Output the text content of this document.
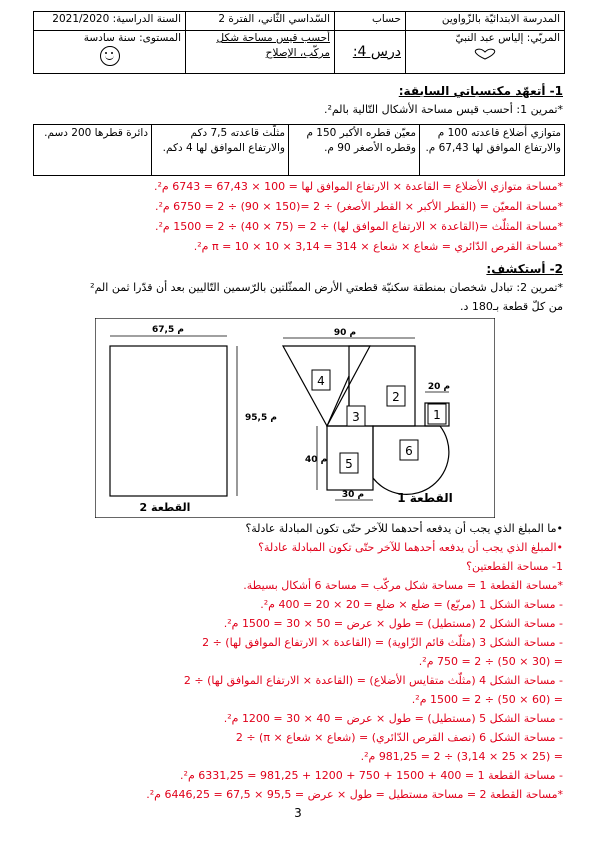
المدرسة الابتدائيّة بالزّواوين	حساب	السّداسي الثّاني، الفترة 2	السنة الدراسية: 2021/2020

المربّي: إلياس عبد النبيّ	درس 4:	أحسب قيس مساحة شكل
مركّب، الإصلاح	المستوى: سنة سادسة
1- أتعهّد مكتسباتي السابقة:
*تمرين 1: أحسب قيس مساحة الأشكال التّالية بالم².
متوازي أضلاع قاعدته 100 م والارتفاع الموافق لها 67,43 م.	معيّن قطره الأكبر 150 م وقطره الأصغر 90 م.	مثلّث قاعدته 7,5 دكم والارتفاع الموافق لها 4 دكم.	دائرة قطرها 200 دسم.
*مساحة متوازي الأضلاع = القاعدة × الارتفاع الموافق لها = 100 × 67,43 = 6743 م².
*مساحة المعيّن = (القطر الأكبر × القطر الأصغر) ÷ 2 =(150 × 90) ÷ 2 = 6750 م².
*مساحة المثلّث =(القاعدة × الارتفاع الموافق لها) ÷ 2 = (75 × 40) ÷ 2 = 1500 م².
*مساحة القرص الدّائري = شعاع × شعاع × π = 10 × 10 × 3,14 = 314 م².
2- أستكشف:
*تمرين 2: تبادل شخصان بمنطقة سكنيّة قطعتي الأرض الممثّلتين بالرّسمين التّاليين بعد أن قدّرا ثمن الم²
من كلّ قطعة بـ180 د.
67,5 م
95,5 م
القطعة 2
90 م
40 م
30 م
20 م
القطعة 1
4
2
3	1
5
6
•ما المبلغ الذي يجب أن يدفعه أحدهما للآخر حتّى تكون المبادلة عادلة؟
•المبلغ الذي يجب أن يدفعه أحدهما للآخر حتّى تكون المبادلة عادلة؟
1- مساحة القطعتين؟
*مساحة القطعة 1 = مساحة شكل مركّب = مساحة 6 أشكال بسيطة.
- مساحة الشكل 1 (مربّع) = ضلع × ضلع = 20 × 20 = 400 م².
- مساحة الشكل 2 (مستطيل) = طول × عرض = 50 × 30 = 1500 م².
- مساحة الشكل 3 (مثلّث قائم الزّاوية) = (القاعدة × الارتفاع الموافق لها) ÷ 2
= (30 × 50) ÷ 2 = 750 م².
- مساحة الشكل 4 (مثلّث متقايس الأضلاع) = (القاعدة × الارتفاع الموافق لها) ÷ 2
= (60 × 50) ÷ 2 = 1500 م².
- مساحة الشكل 5 (مستطيل) = طول × عرض = 40 × 30 = 1200 م².
- مساحة الشكل 6 (نصف القرص الدّائري) = (شعاع × شعاع × π) ÷ 2
= (25 × 25 × 3,14) ÷ 2 = 981,25 م².
- مساحة القطعة 1 = 400 + 1500 + 750 + 1200 + 981,25 = 6331,25 م².
*مساحة القطعة 2 = مساحة مستطيل = طول × عرض = 95,5 × 67,5 = 6446,25 م².
3
